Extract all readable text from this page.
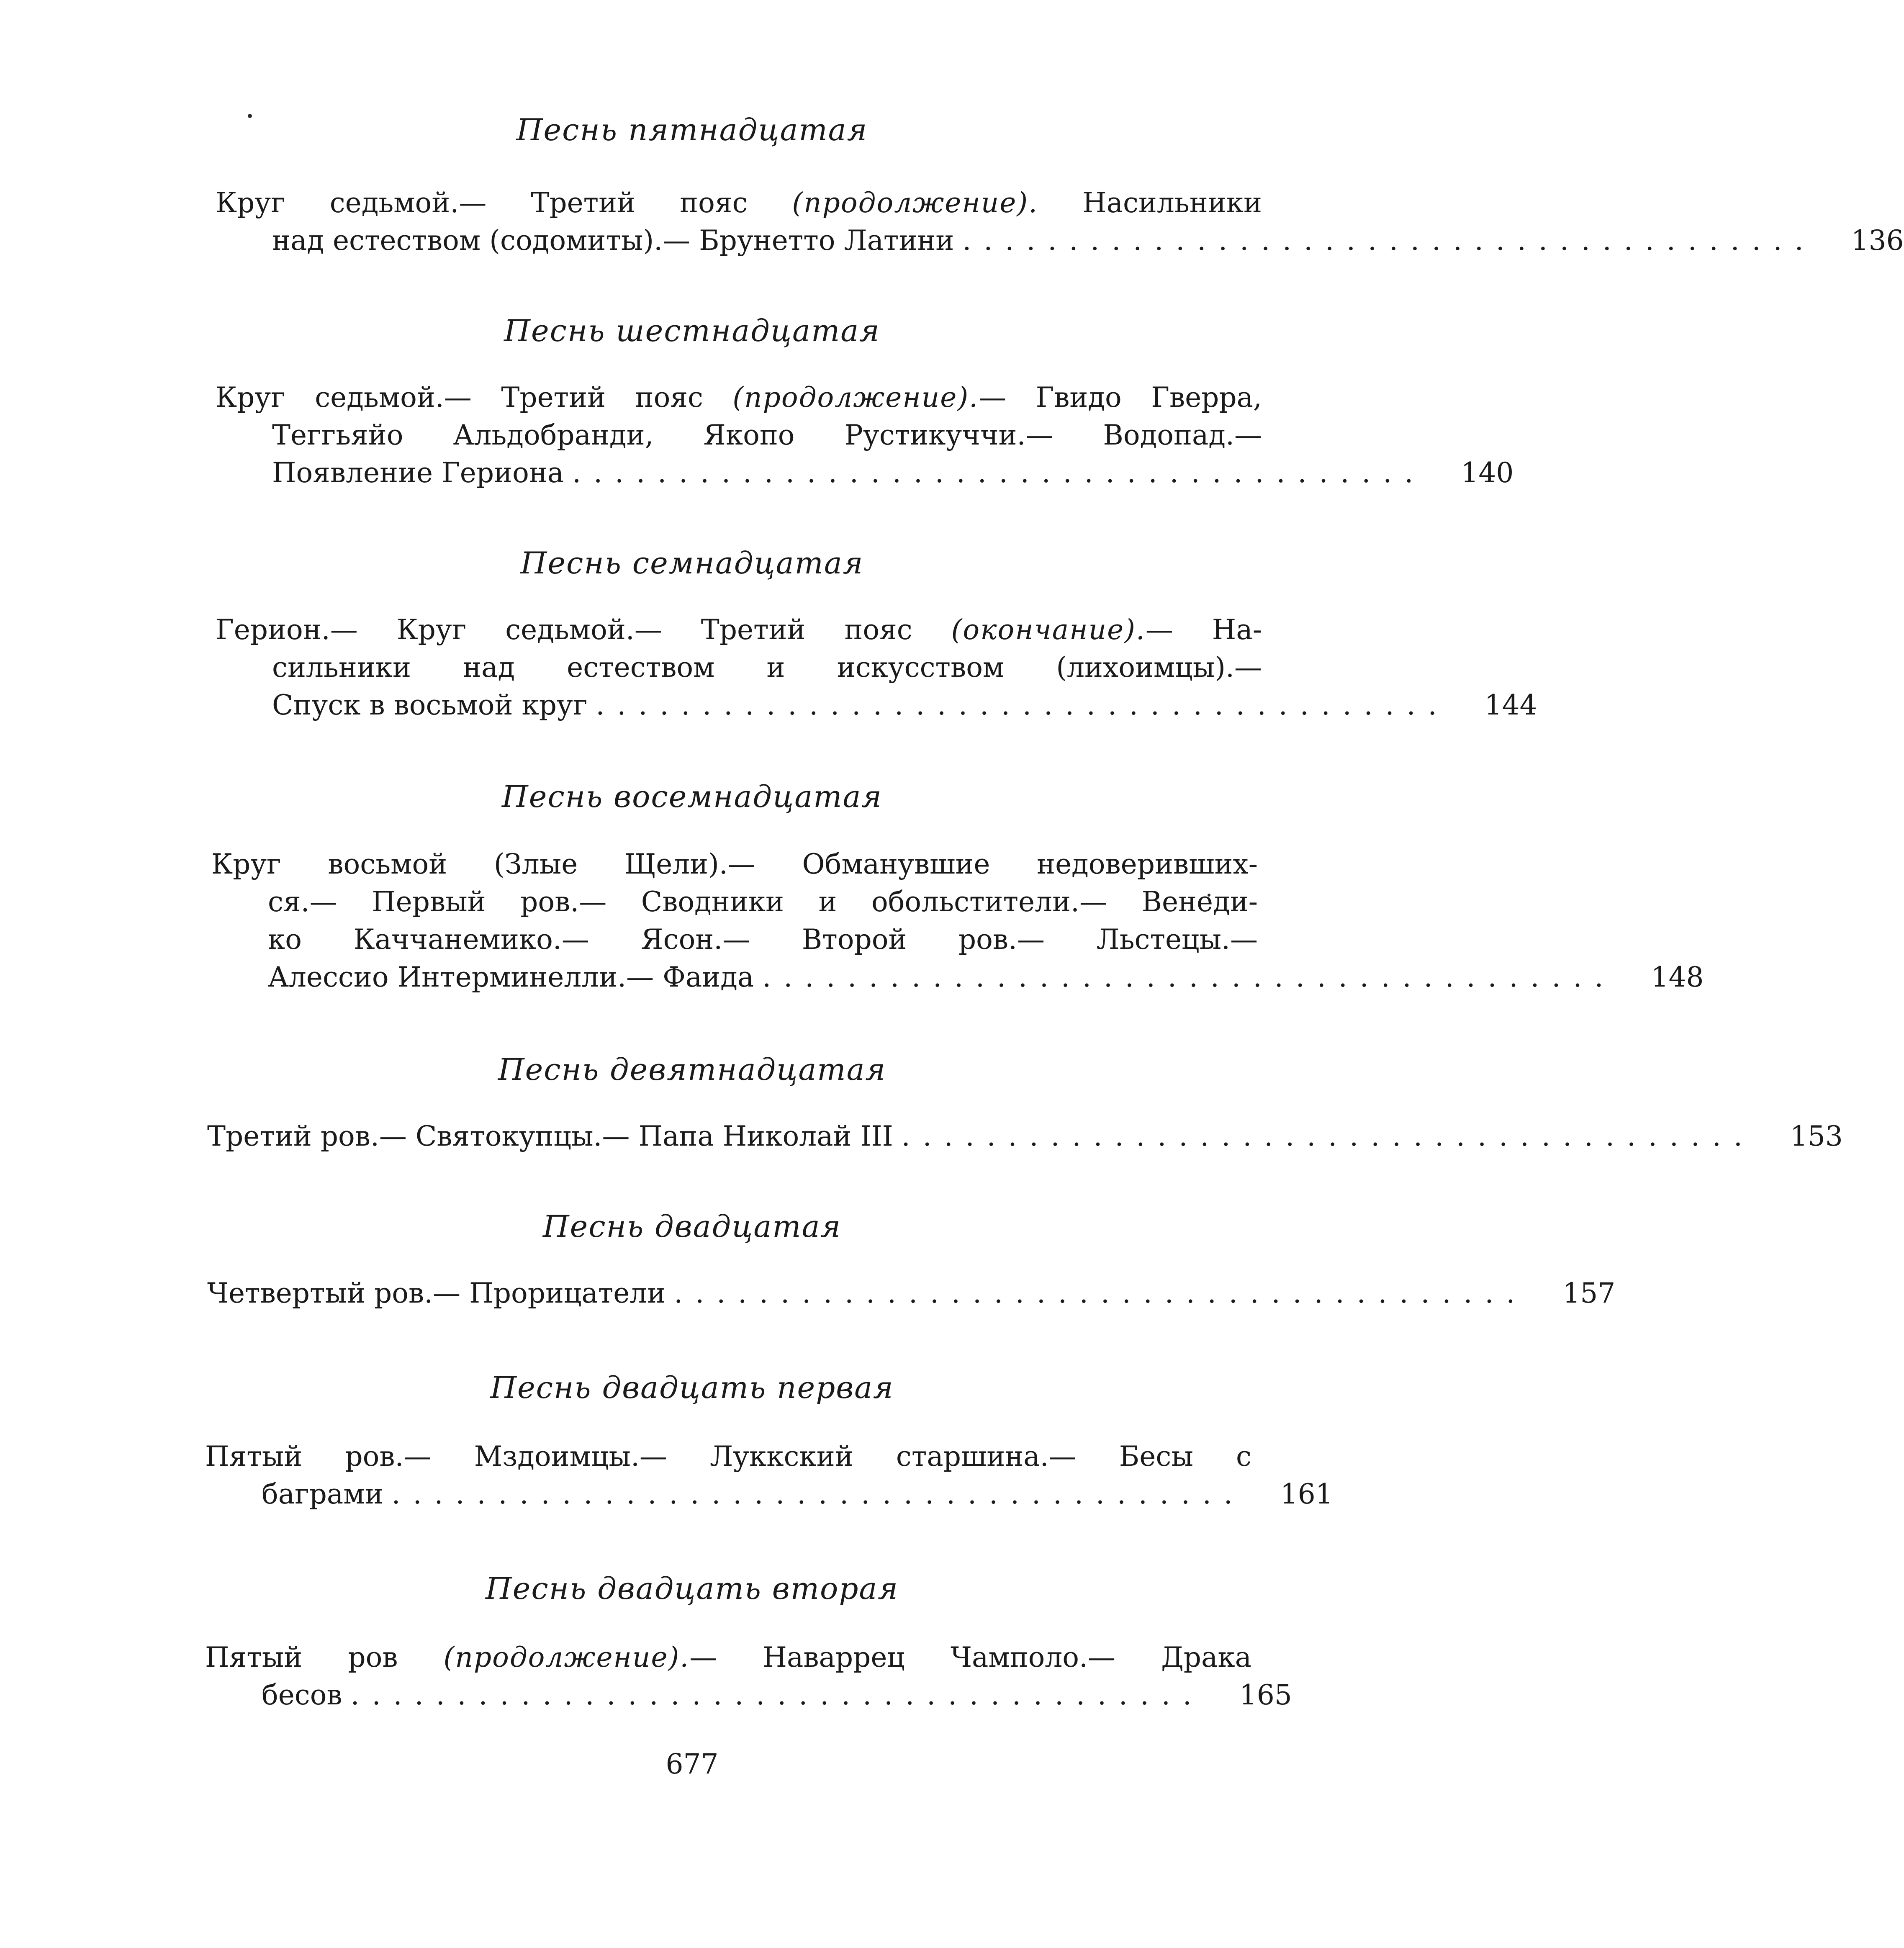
Песнь пятнадцатая
Круг седьмой.— Третий пояс (продолжение). Насильники
над естеством (содомиты).— Брунетто Латини ........................................	136
Песнь шестнадцатая
Круг седьмой.— Третий пояс (продолжение).— Гвидо Гверра,
Теггьяйо Альдобранди, Якопо Рустикуччи.— Водопад.—
Появление Гериона ........................................	140
Песнь семнадцатая
Герион.— Круг седьмой.— Третий пояс (окончание).— На-
сильники над естеством и искусством (лихоимцы).—
Спуск в восьмой круг ........................................	144
Песнь восемнадцатая
Круг восьмой (Злые Щели).— Обманувшие недоверивших-
ся.— Первый ров.— Сводники и обольстители.— Венеди-
ко Каччанемико.— Ясон.— Второй ров.— Льстецы.—
Алессио Интерминелли.— Фаида ........................................	148
Песнь девятнадцатая
Третий ров.— Святокупцы.— Папа Николай III ........................................	153
Песнь двадцатая
Четвертый ров.— Прорицатели ........................................	157
Песнь двадцать первая
Пятый ров.— Мздоимцы.— Луккский старшина.— Бесы с
баграми ........................................	161
Песнь двадцать вторая
Пятый ров (продолжение).— Наваррец Чамполо.— Драка
бесов ........................................	165
677
